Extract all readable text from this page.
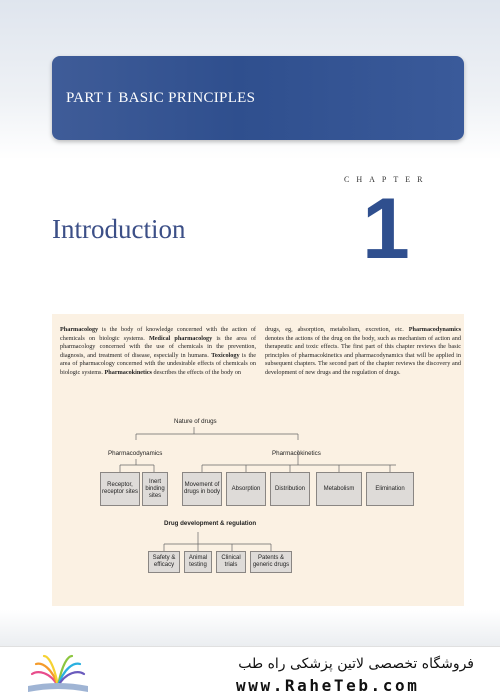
PART I BASIC PRINCIPLES
CHAPTER
1
Introduction
Pharmacology is the body of knowledge concerned with the action of chemicals on biologic systems. Medical pharmacology is the area of pharmacology concerned with the use of chemicals in the prevention, diagnosis, and treatment of disease, especially in humans. Toxicology is the area of pharmacology concerned with the undesirable effects of chemicals on biologic systems. Pharmacokinetics describes the effects of the body on
drugs, eg, absorption, metabolism, excretion, etc. Pharmacodynamics denotes the actions of the drug on the body, such as mechanism of action and therapeutic and toxic effects. The first part of this chapter reviews the basic principles of pharmacokinetics and pharmacodynamics that will be applied in subsequent chapters. The second part of the chapter reviews the discovery and development of new drugs and the regulation of drugs.
Nature of drugs
Pharmacodynamics	Pharmacokinetics
Receptor, receptor sites
Inert binding sites
Movement of drugs in body
Absorption	Distribution	Metabolism	Elimination
Drug development & regulation
Safety & efficacy
Animal testing
Clinical trials
Patents & generic drugs
فروشگاه تخصصی لاتین پزشکی راه طب
www.RaheTeb.com
